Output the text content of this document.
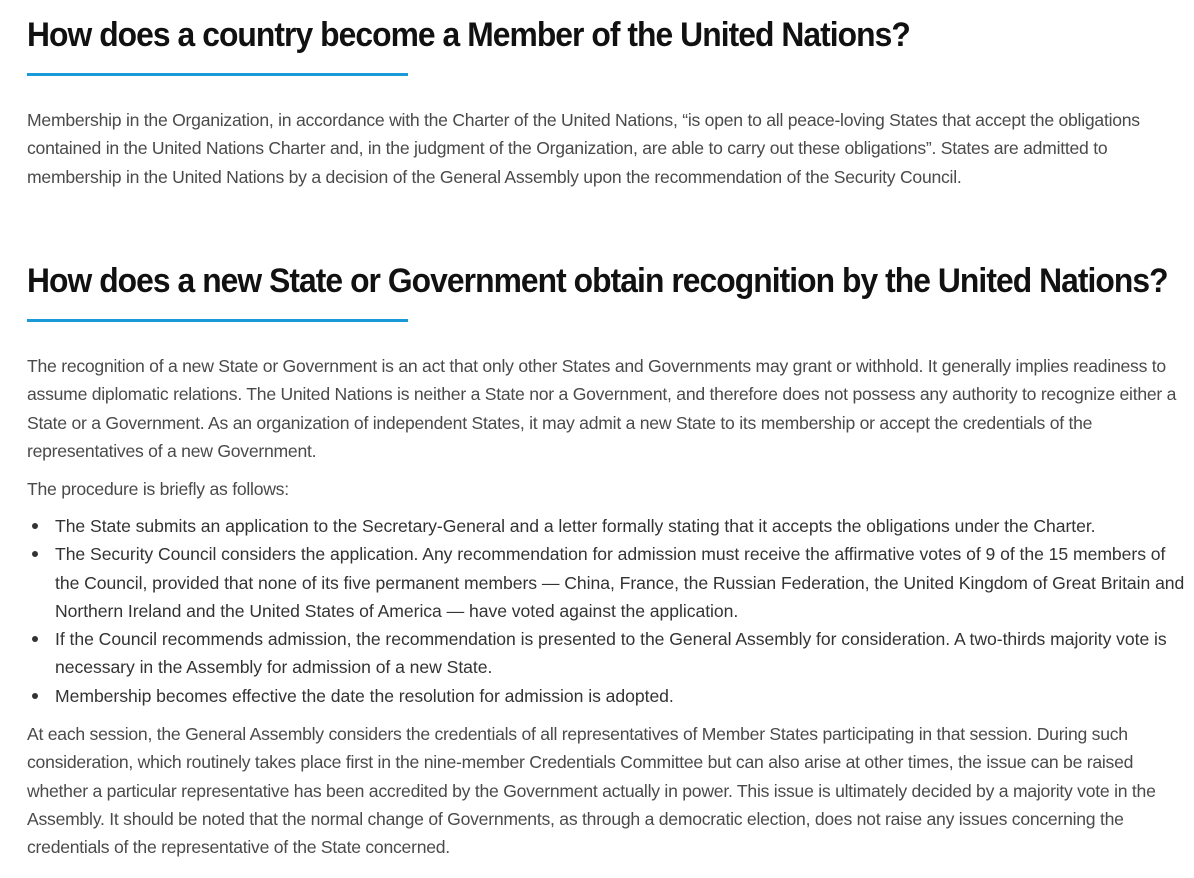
How does a country become a Member of the United Nations?

Membership in the Organization, in accordance with the Charter of the United Nations, “is open to all peace-loving States that accept the obligations contained in the United Nations Charter and, in the judgment of the Organization, are able to carry out these obligations”. States are admitted to membership in the United Nations by a decision of the General Assembly upon the recommendation of the Security Council.

How does a new State or Government obtain recognition by the United Nations?

The recognition of a new State or Government is an act that only other States and Governments may grant or withhold. It generally implies readiness to assume diplomatic relations. The United Nations is neither a State nor a Government, and therefore does not possess any authority to recognize either a State or a Government. As an organization of independent States, it may admit a new State to its membership or accept the credentials of the representatives of a new Government.

The procedure is briefly as follows:

The State submits an application to the Secretary-General and a letter formally stating that it accepts the obligations under the Charter.
The Security Council considers the application. Any recommendation for admission must receive the affirmative votes of 9 of the 15 members of the Council, provided that none of its five permanent members — China, France, the Russian Federation, the United Kingdom of Great Britain and Northern Ireland and the United States of America — have voted against the application.
If the Council recommends admission, the recommendation is presented to the General Assembly for consideration. A two-thirds majority vote is necessary in the Assembly for admission of a new State.
Membership becomes effective the date the resolution for admission is adopted.

At each session, the General Assembly considers the credentials of all representatives of Member States participating in that session. During such consideration, which routinely takes place first in the nine-member Credentials Committee but can also arise at other times, the issue can be raised whether a particular representative has been accredited by the Government actually in power. This issue is ultimately decided by a majority vote in the Assembly. It should be noted that the normal change of Governments, as through a democratic election, does not raise any issues concerning the credentials of the representative of the State concerned.
